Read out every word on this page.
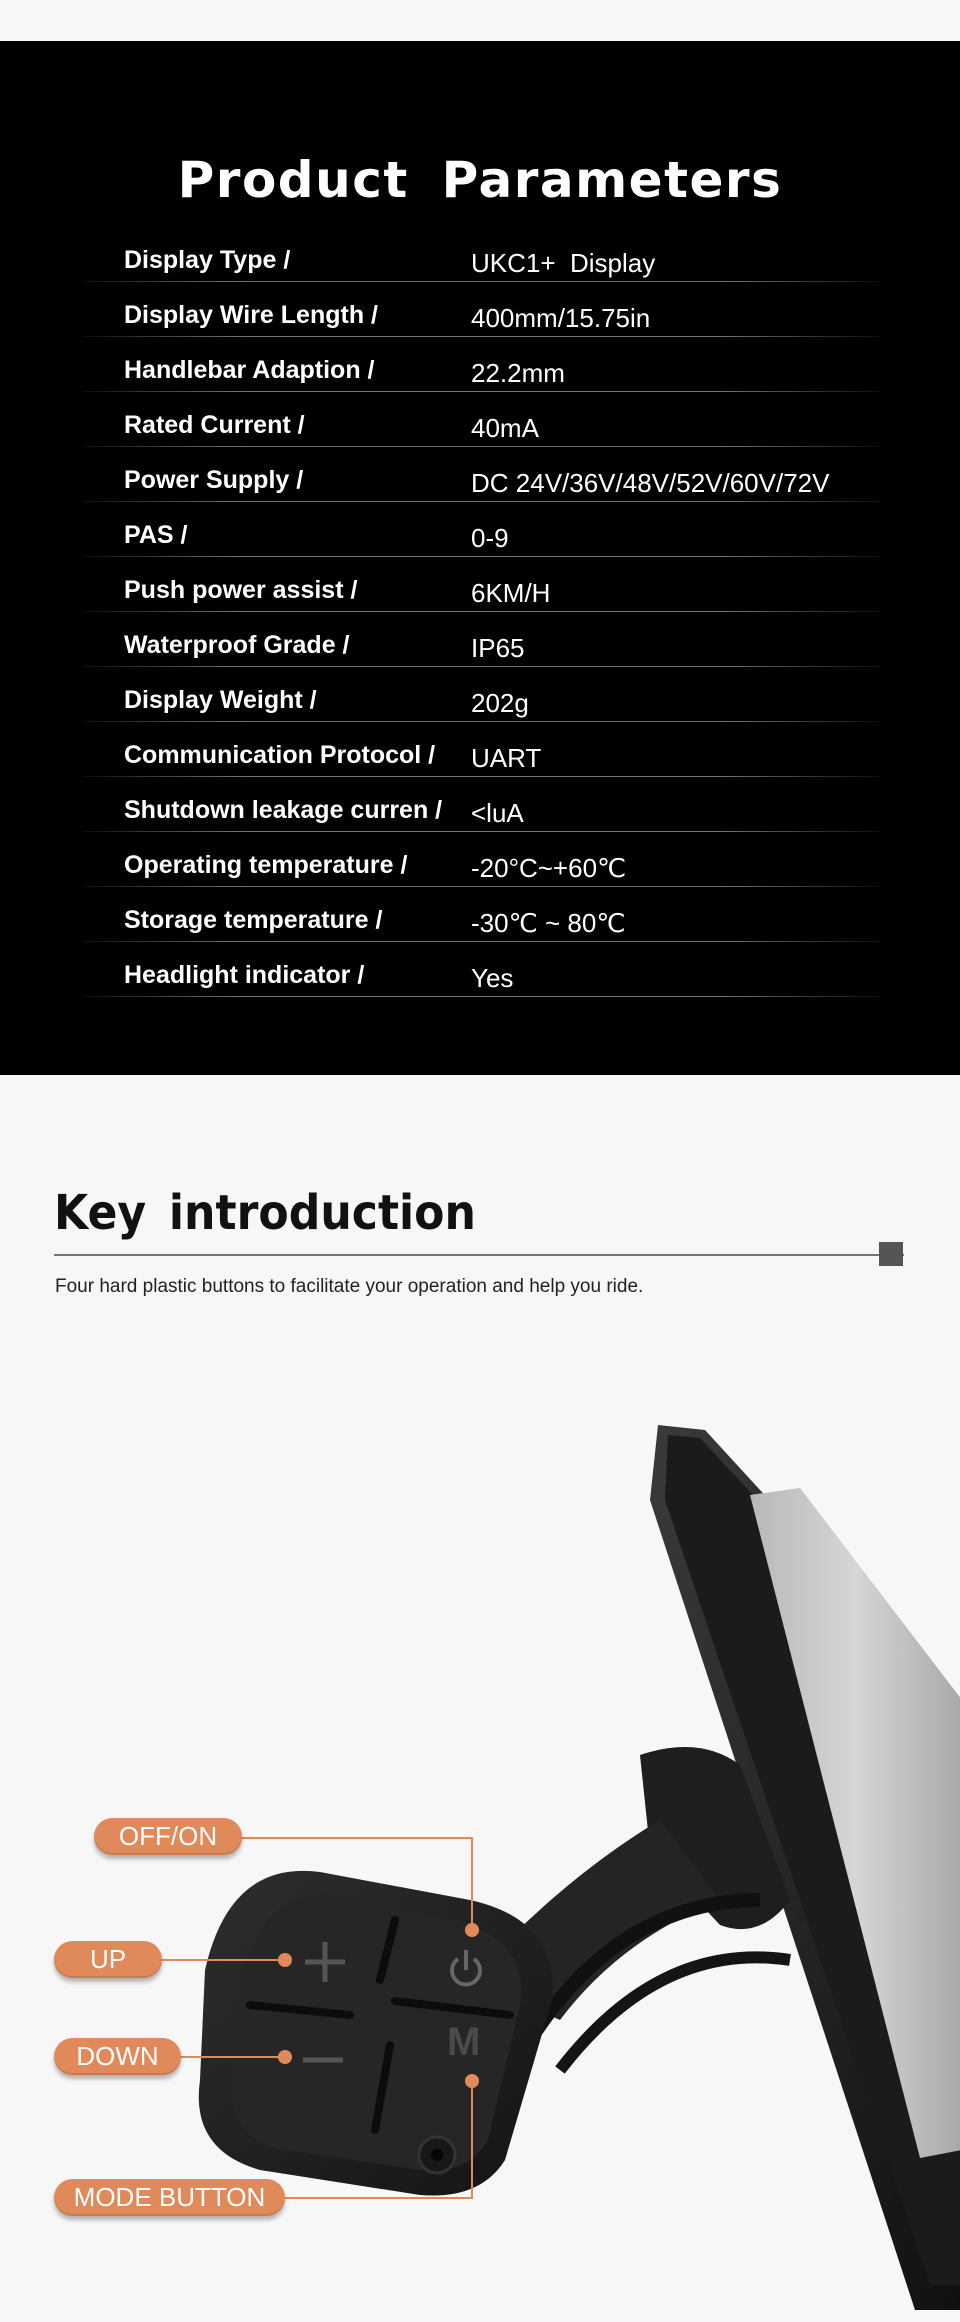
Product Parameters
Display Type /	UKC1+  Display
Display Wire Length /	400mm/15.75in
Handlebar Adaption /	22.2mm
Rated Current /	40mA
Power Supply /	DC 24V/36V/48V/52V/60V/72V
PAS /	0-9
Push power assist /	6KM/H
Waterproof Grade /	IP65
Display Weight /	202g
Communication Protocol / UART
Shutdown leakage curren / <luA
Operating temperature / -20°C~+60℃
Storage temperature /	-30℃ ~ 80℃
Headlight indicator /	Yes
Key introduction
Four hard plastic buttons to facilitate your operation and help you ride.
M
OFF/ON
UP
DOWN
MODE BUTTON
